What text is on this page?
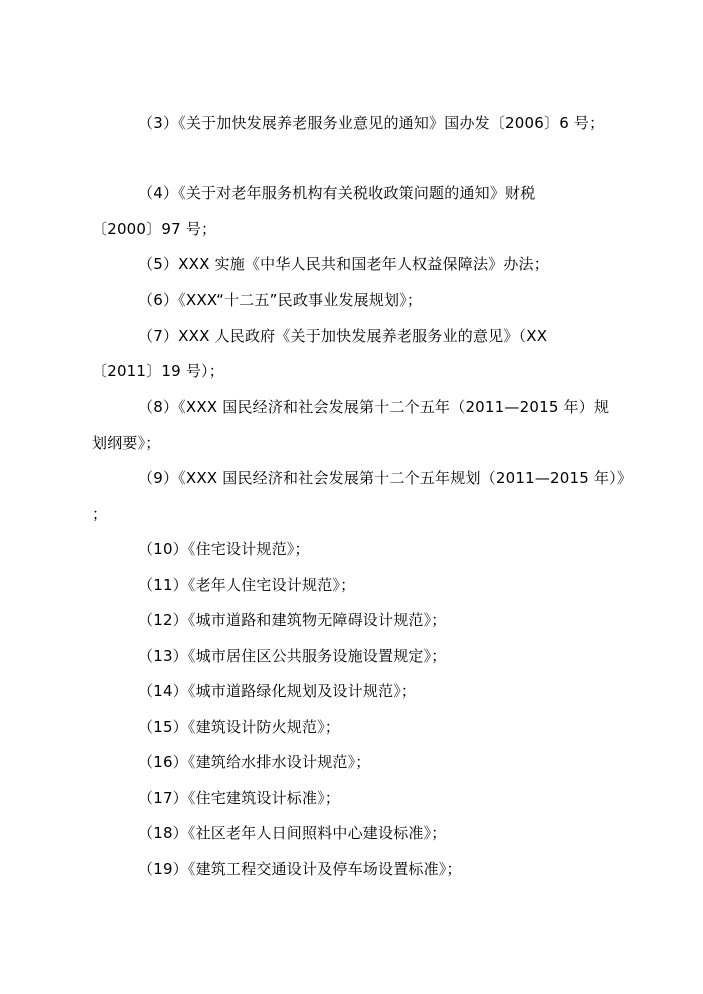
（3）《关于加快发展养老服务业意见的通知》国办发〔2006〕6 号；
（4）《关于对老年服务机构有关税收政策问题的通知》财税
〔2000〕97 号；
（5）XXX 实施《中华人民共和国老年人权益保障法》办法；
（6）《XXX“十二五”民政事业发展规划》；
（7）XXX 人民政府《关于加快发展养老服务业的意见》（XX
〔2011〕19 号）；
（8）《XXX 国民经济和社会发展第十二个五年（2011—2015 年）规
划纲要》；
（9）《XXX 国民经济和社会发展第十二个五年规划（2011—2015 年）》
；
（10）《住宅设计规范》；
（11）《老年人住宅设计规范》；
（12）《城市道路和建筑物无障碍设计规范》；
（13）《城市居住区公共服务设施设置规定》；
（14）《城市道路绿化规划及设计规范》；
（15）《建筑设计防火规范》；
（16）《建筑给水排水设计规范》；
（17）《住宅建筑设计标准》；
（18）《社区老年人日间照料中心建设标准》；
（19）《建筑工程交通设计及停车场设置标准》；
